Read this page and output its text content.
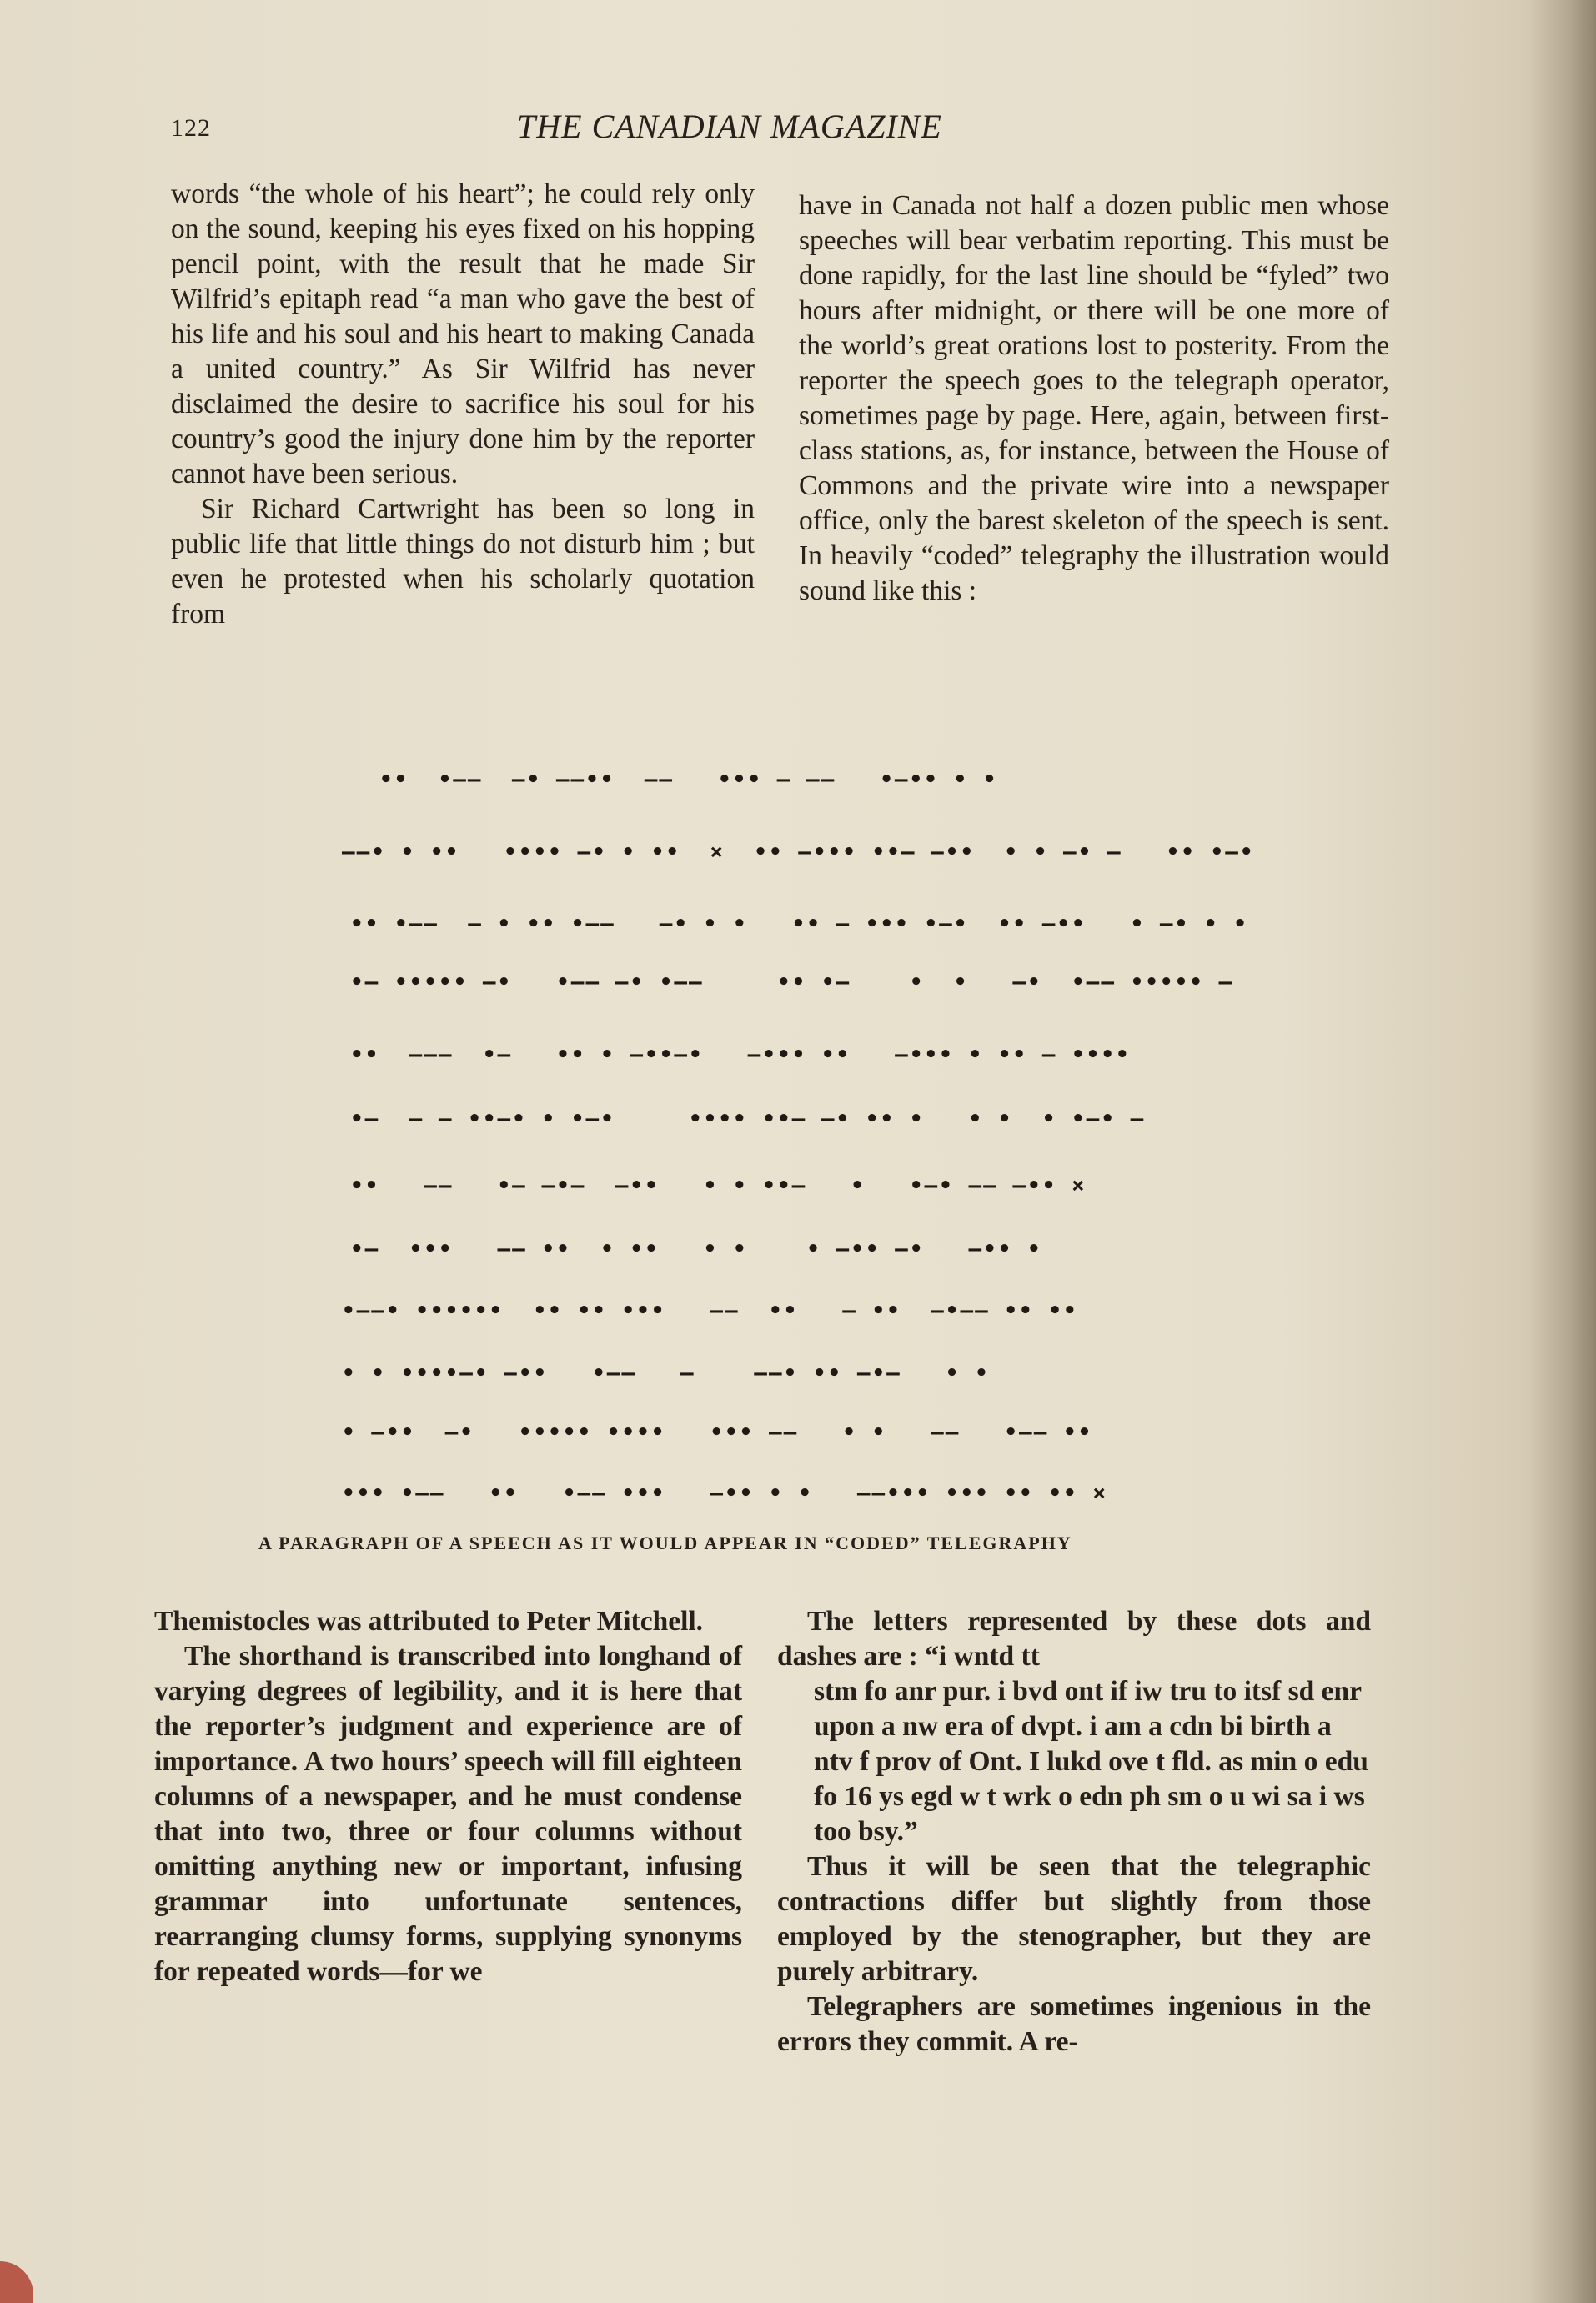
122	THE CANADIAN MAGAZINE

words “the whole of his heart”; he could rely only on the sound, keeping his eyes fixed on his hopping pencil point, with the result that he made Sir Wilfrid’s epitaph read “a man who gave the best of his life and his soul and his heart to making Canada a united country.” As Sir Wilfrid has never disclaimed the desire to sacrifice his soul for his country’s good the injury done him by the reporter cannot have been serious.

Sir Richard Cartwright has been so long in public life that little things do not disturb him ; but even he protested when his scholarly quotation from

have in Canada not half a dozen public men whose speeches will bear verbatim reporting. This must be done rapidly, for the last line should be “fyled” two hours after midnight, or there will be one more of the world’s great orations lost to posterity. From the reporter the speech goes to the telegraph operator, sometimes page by page. Here, again, between first-class stations, as, for instance, between the House of Commons and the private wire into a newspaper office, only the barest skeleton of the speech is sent. In heavily “coded” telegraphy the illustration would sound like this :

••  •——  —• ——••  ——   ••• — ——   •—•• • •
——• • ••   •••• —• • ••  ×  •• —••• ••— —••  • • —• —   •• •—•
•• •——  — • •• •——   —• • •   •• — ••• •—•  •• —••   • —• • •
•— ••••• —•   •—— —• •——     •• •—    •  •   —•  •—— ••••• —
••  ———  •—   •• • —••—•   —••• ••   —••• • •• — ••••
•—  — — ••—• • •—•     •••• ••— —• •• •   • •  • •—• —
••   ——   •— —•—  —••   • • ••—   •   •—• —— —•• ×
•—  •••   —— ••  • ••   • •    • —•• —•   —•• •
•——• ••••••  •• •• •••   ——  ••   — ••  —•—— •• ••
• • ••••—• —••   •——   —    ——• •• —•—   • •
• —••  —•   ••••• ••••   ••• ——   • •   ——   •—— ••
••• •——   ••   •—— •••   —•• • •   ——••• ••• •• •• ×
A PARAGRAPH OF A SPEECH AS IT WOULD APPEAR IN “CODED” TELEGRAPHY

Themistocles was attributed to Peter Mitchell.

The shorthand is transcribed into longhand of varying degrees of legibility, and it is here that the reporter’s judgment and experience are of importance. A two hours’ speech will fill eighteen columns of a newspaper, and he must condense that into two, three or four columns without omitting anything new or important, infusing grammar into unfortunate sentences, rearranging clumsy forms, supplying synonyms for repeated words—for we

The letters represented by these dots and dashes are : “i wntd tt

stm fo anr pur. i bvd ont if iw tru to itsf sd enr upon a nw era of dvpt. i am a cdn bi birth a ntv f prov of Ont. I lukd ove t fld. as min o edu fo 16 ys egd w t wrk o edn ph sm o u wi sa i ws too bsy.”

Thus it will be seen that the telegraphic contractions differ but slightly from those employed by the stenographer, but they are purely arbitrary.

Telegraphers are sometimes ingenious in the errors they commit. A re-
